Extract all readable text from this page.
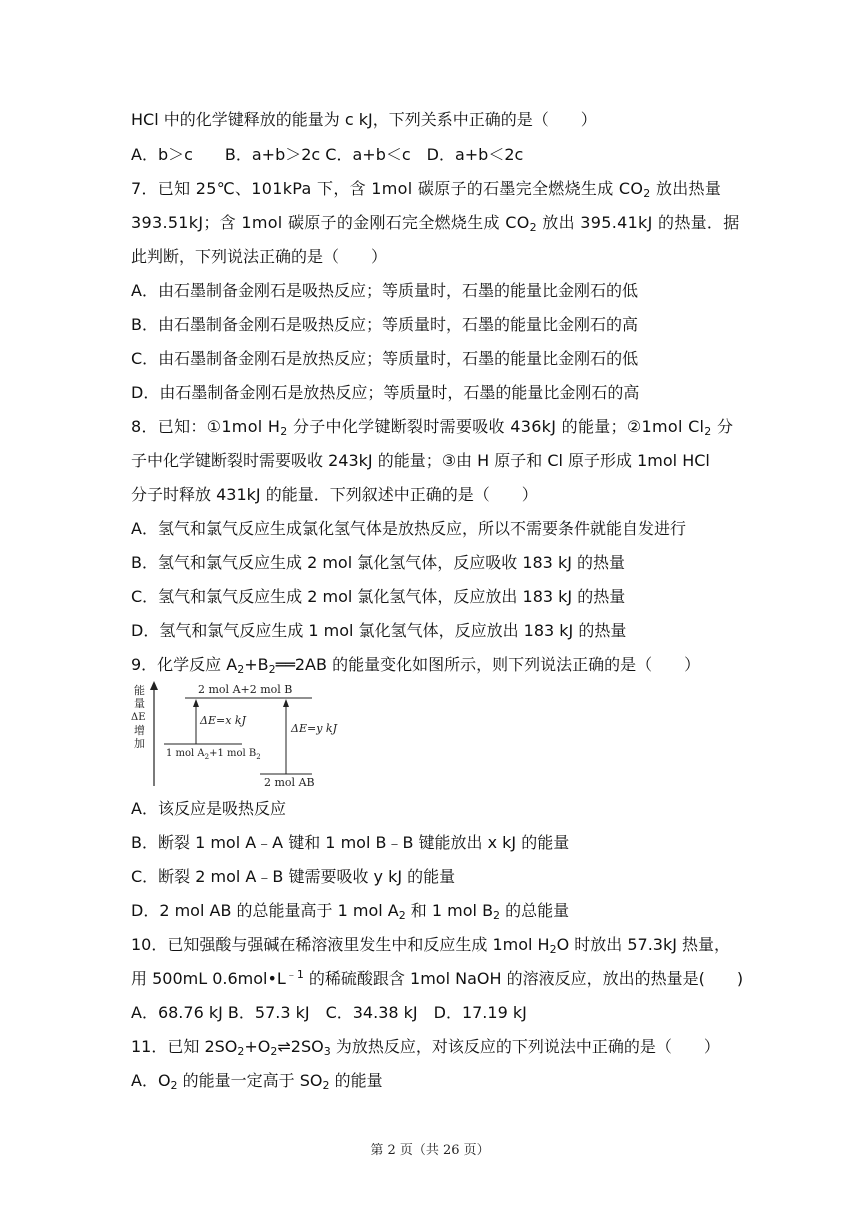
HCl 中的化学键释放的能量为 c kJ，下列关系中正确的是（　　）
A．b＞c　　B．a+b＞2c C．a+b＜c　D．a+b＜2c
7．已知 25℃、101kPa 下，含 1mol 碳原子的石墨完全燃烧生成 $CO_2$ 放出热量
393.51kJ；含 1mol 碳原子的金刚石完全燃烧生成 $CO_2$ 放出 395.41kJ 的热量．据
此判断，下列说法正确的是（　　）
A．由石墨制备金刚石是吸热反应；等质量时，石墨的能量比金刚石的低
B．由石墨制备金刚石是吸热反应；等质量时，石墨的能量比金刚石的高
C．由石墨制备金刚石是放热反应；等质量时，石墨的能量比金刚石的低
D．由石墨制备金刚石是放热反应；等质量时，石墨的能量比金刚石的高
8．已知：①1mol $H_2$ 分子中化学键断裂时需要吸收 436kJ 的能量；②1mol $Cl_2$ 分
子中化学键断裂时需要吸收 243kJ 的能量；③由 H 原子和 Cl 原子形成 1mol HCl
分子时释放 431kJ 的能量．下列叙述中正确的是（　　）
A．氢气和氯气反应生成氯化氢气体是放热反应，所以不需要条件就能自发进行
B．氢气和氯气反应生成 2 mol 氯化氢气体，反应吸收 183 kJ 的热量
C．氢气和氯气反应生成 2 mol 氯化氢气体，反应放出 183 kJ 的热量
D．氢气和氯气反应生成 1 mol 氯化氢气体，反应放出 183 kJ 的热量
9．化学反应 $A_2+B_2══2AB$ 的能量变化如图所示，则下列说法正确的是（　　）
能
量
ΔE
增
加
2 mol A+2 mol B
1 mol $A_2+1$ mol $B_2$
2 mol AB
ΔE=x kJ
ΔE=y kJ
A．该反应是吸热反应
B．断裂 1 mol A﹣A 键和 1 mol B﹣B 键能放出 x kJ 的能量
C．断裂 2 mol A﹣B 键需要吸收 y kJ 的能量
D．2 mol AB 的总能量高于 1 mol $A_2$ 和 1 mol $B_2$ 的总能量
10．已知强酸与强碱在稀溶液里发生中和反应生成 1mol $H_2O$ 时放出 57.3kJ 热量，
用 500mL $0.6mol•L^{﹣1}$ 的稀硫酸跟含 1mol NaOH 的溶液反应，放出的热量是(　　)
A．68.76 kJ B．57.3 kJ　C．34.38 kJ　D．17.19 kJ
11．已知 $2SO_2+O_2\rightleftharpoons 2SO_3$ 为放热反应，对该反应的下列说法中正确的是（　　）
A．$O_2$ 的能量一定高于 $SO_2$ 的能量
第 2 页（共 26 页）
